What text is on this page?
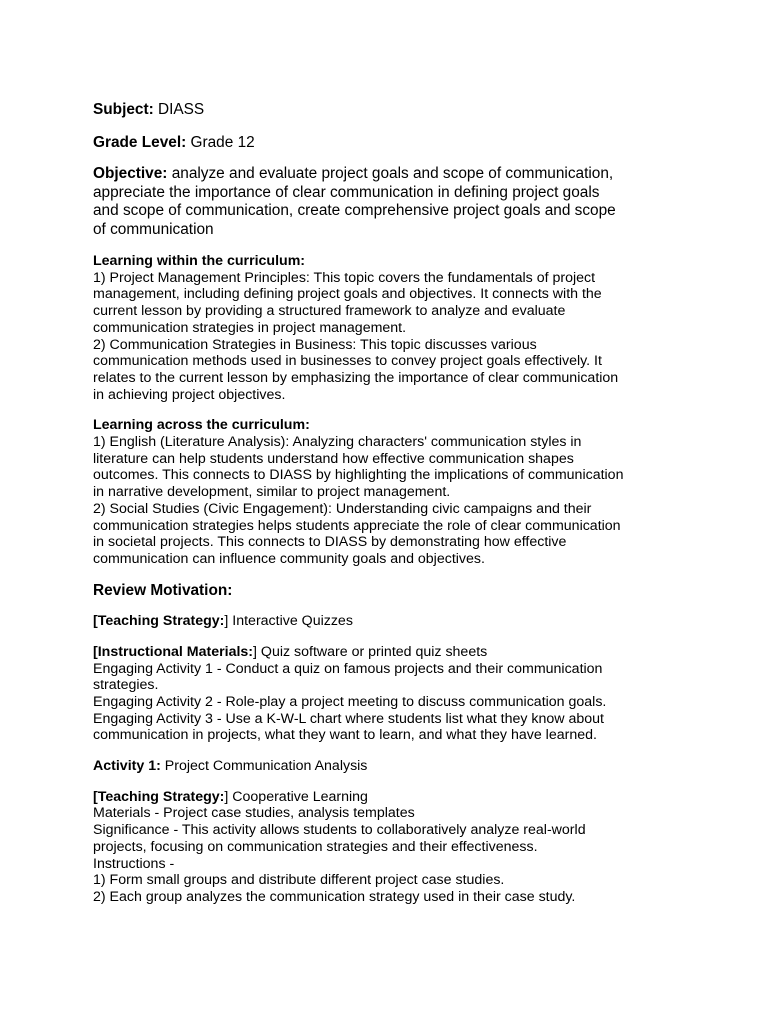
Subject: DIASS

Grade Level: Grade 12

Objective: analyze and evaluate project goals and scope of communication,
appreciate the importance of clear communication in defining project goals
and scope of communication, create comprehensive project goals and scope
of communication
Learning within the curriculum:
1) Project Management Principles: This topic covers the fundamentals of project
management, including defining project goals and objectives. It connects with the
current lesson by providing a structured framework to analyze and evaluate
communication strategies in project management.
2) Communication Strategies in Business: This topic discusses various
communication methods used in businesses to convey project goals effectively. It
relates to the current lesson by emphasizing the importance of clear communication
in achieving project objectives.
Learning across the curriculum:
1) English (Literature Analysis): Analyzing characters' communication styles in
literature can help students understand how effective communication shapes
outcomes. This connects to DIASS by highlighting the implications of communication
in narrative development, similar to project management.
2) Social Studies (Civic Engagement): Understanding civic campaigns and their
communication strategies helps students appreciate the role of clear communication
in societal projects. This connects to DIASS by demonstrating how effective
communication can influence community goals and objectives.

Review Motivation:

[Teaching Strategy:] Interactive Quizzes

[Instructional Materials:] Quiz software or printed quiz sheets
Engaging Activity 1 - Conduct a quiz on famous projects and their communication
strategies.
Engaging Activity 2 - Role-play a project meeting to discuss communication goals.
Engaging Activity 3 - Use a K-W-L chart where students list what they know about
communication in projects, what they want to learn, and what they have learned.

Activity 1: Project Communication Analysis

[Teaching Strategy:] Cooperative Learning
Materials - Project case studies, analysis templates
Significance - This activity allows students to collaboratively analyze real-world
projects, focusing on communication strategies and their effectiveness.
Instructions -
1) Form small groups and distribute different project case studies.
2) Each group analyzes the communication strategy used in their case study.
